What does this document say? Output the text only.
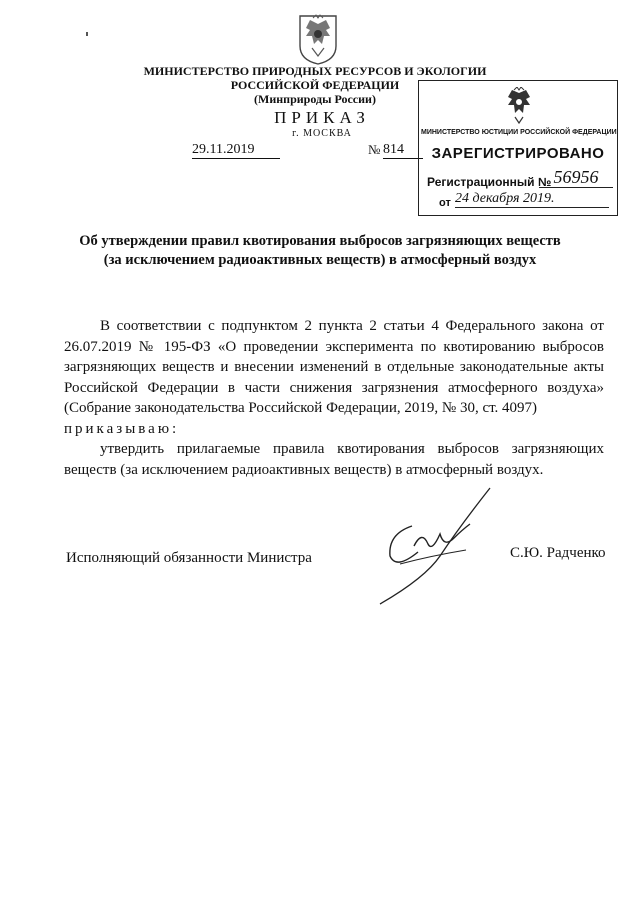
МИНИСТЕРСТВО ПРИРОДНЫХ РЕСУРСОВ И ЭКОЛОГИИ
РОССИЙСКОЙ ФЕДЕРАЦИИ
(Минприроды России)
ПРИКАЗ
г. МОСКВА
29.11.2019	№ 814
МИНИСТЕРСТВО ЮСТИЦИИ РОССИЙСКОЙ ФЕДЕРАЦИИ
ЗАРЕГИСТРИРОВАНО
Регистрационный № 56956
от 24 декабря 2019.
Об утверждении правил квотирования выбросов загрязняющих веществ
(за исключением радиоактивных веществ) в атмосферный воздух

В соответствии с подпунктом 2 пункта 2 статьи 4 Федерального закона от 26.07.2019 № 195-ФЗ «О проведении эксперимента по квотированию выбросов загрязняющих веществ и внесении изменений в отдельные законодательные акты Российской Федерации в части снижения загрязнения атмосферного воздуха» (Собрание законодательства Российской Федерации, 2019, № 30, ст. 4097)

приказываю:

утвердить прилагаемые правила квотирования выбросов загрязняющих веществ (за исключением радиоактивных веществ) в атмосферный воздух.

Исполняющий обязанности Министра	С.Ю. Радченко
